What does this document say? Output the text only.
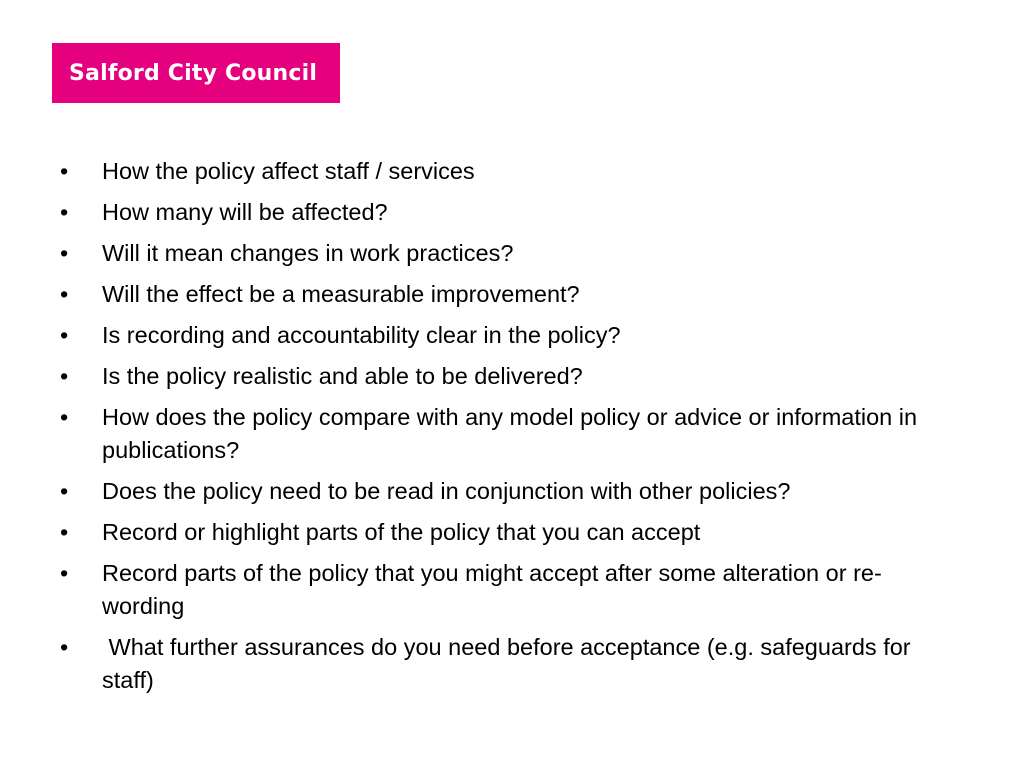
Salford City Council
•	How the policy affect staff / services
•	How many will be affected?
•	Will it mean changes in work practices?
•	Will the effect be a measurable improvement?
•	Is recording and accountability clear in the policy?
•	Is the policy realistic and able to be delivered?
•	How does the policy compare with any model policy or advice or information in publications?
•	Does the policy need to be read in conjunction with other policies?
•	Record or highlight parts of the policy that you can accept
•	Record parts of the policy that you might accept after some alteration or re-wording
•	What further assurances do you need before acceptance (e.g. safeguards for staff)
